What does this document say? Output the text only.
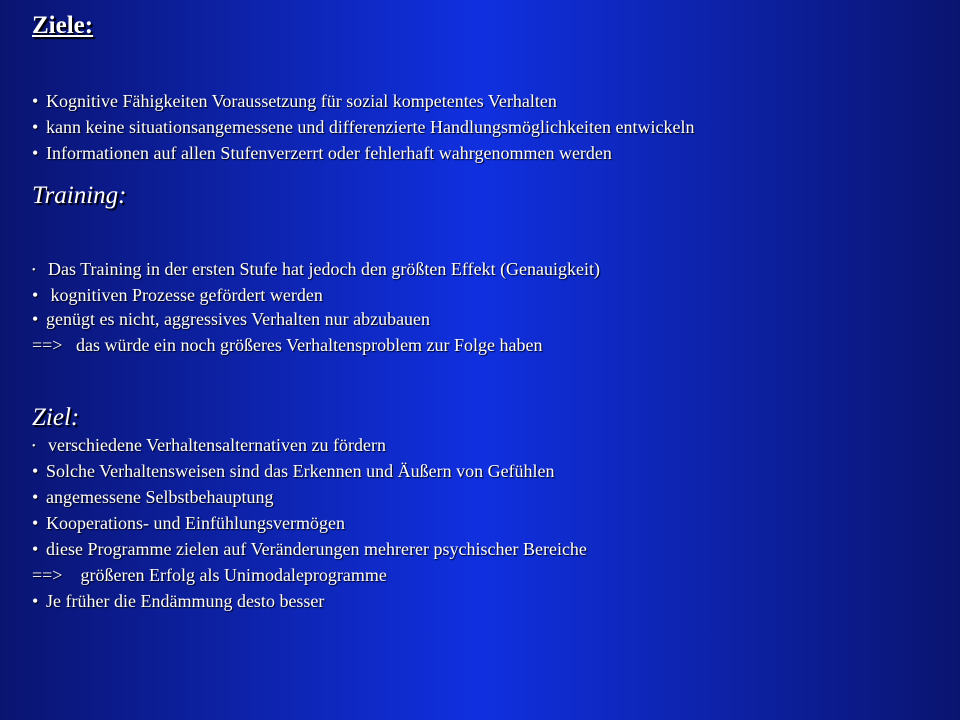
Ziele:

• Kognitive Fähigkeiten Voraussetzung für sozial kompetentes Verhalten

• kann keine situationsangemessene und differenzierte Handlungsmöglichkeiten entwickeln

• Informationen auf allen Stufenverzerrt oder fehlerhaft wahrgenommen werden

Training:

• Das Training in der ersten Stufe hat jedoch den größten Effekt (Genauigkeit)

• kognitiven Prozesse gefördert werden

• genügt es nicht, aggressives Verhalten nur abzubauen

==> das würde ein noch größeres Verhaltensproblem zur Folge haben

Ziel:

• verschiedene Verhaltensalternativen zu fördern

• Solche Verhaltensweisen sind das Erkennen und Äußern von Gefühlen

• angemessene Selbstbehauptung

• Kooperations- und Einfühlungsvermögen

• diese Programme zielen auf Veränderungen mehrerer psychischer Bereiche

==> größeren Erfolg als Unimodaleprogramme

• Je früher die Endämmung desto besser
